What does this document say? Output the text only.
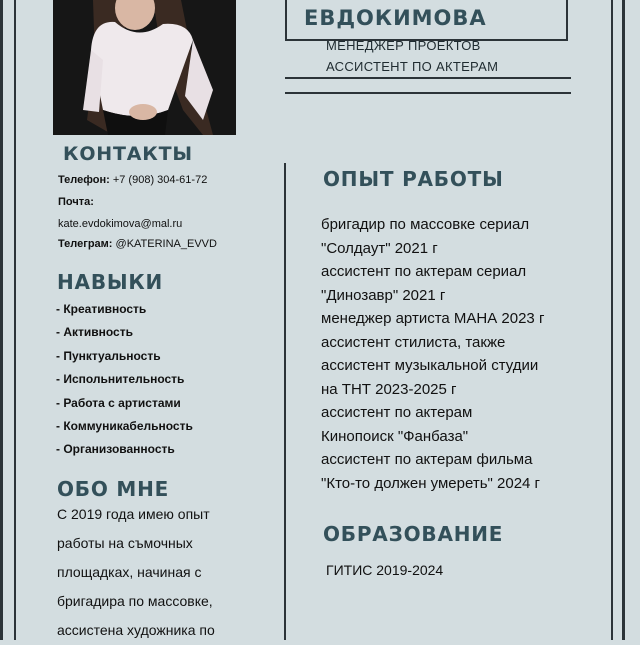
ЕВДОКИМОВА
МЕНЕДЖЕР ПРОЕКТОВ
АССИСТЕНТ ПО АКТЕРАМ
КОНТАКТЫ
Телефон: +7 (908) 304-61-72
Почта:
kate.evdokimova@mal.ru
Телеграм: @KATERINA_EVVD
НАВЫКИ
- Креативность
- Активность
- Пунктуальность
- Испольнительность
- Работа с артистами
- Коммуникабельность
- Организованность
ОБО МНЕ
С 2019 года имею опыт
работы на съмочных
площадках, начиная с
бригадира по массовке,
ассистена художника по
ОПЫТ РАБОТЫ
бригадир по массовке сериал
"Солдаут" 2021 г
ассистент по актерам сериал
"Динозавр" 2021 г
менеджер артиста МАНА 2023 г
ассистент стилиста, также
ассистент музыкальной студии
на ТНТ 2023-2025 г
ассистент по актерам
Кинопоиск "Фанбаза"
ассистент по актерам фильма
"Кто-то должен умереть" 2024 г
ОБРАЗОВАНИЕ
ГИТИС 2019-2024
